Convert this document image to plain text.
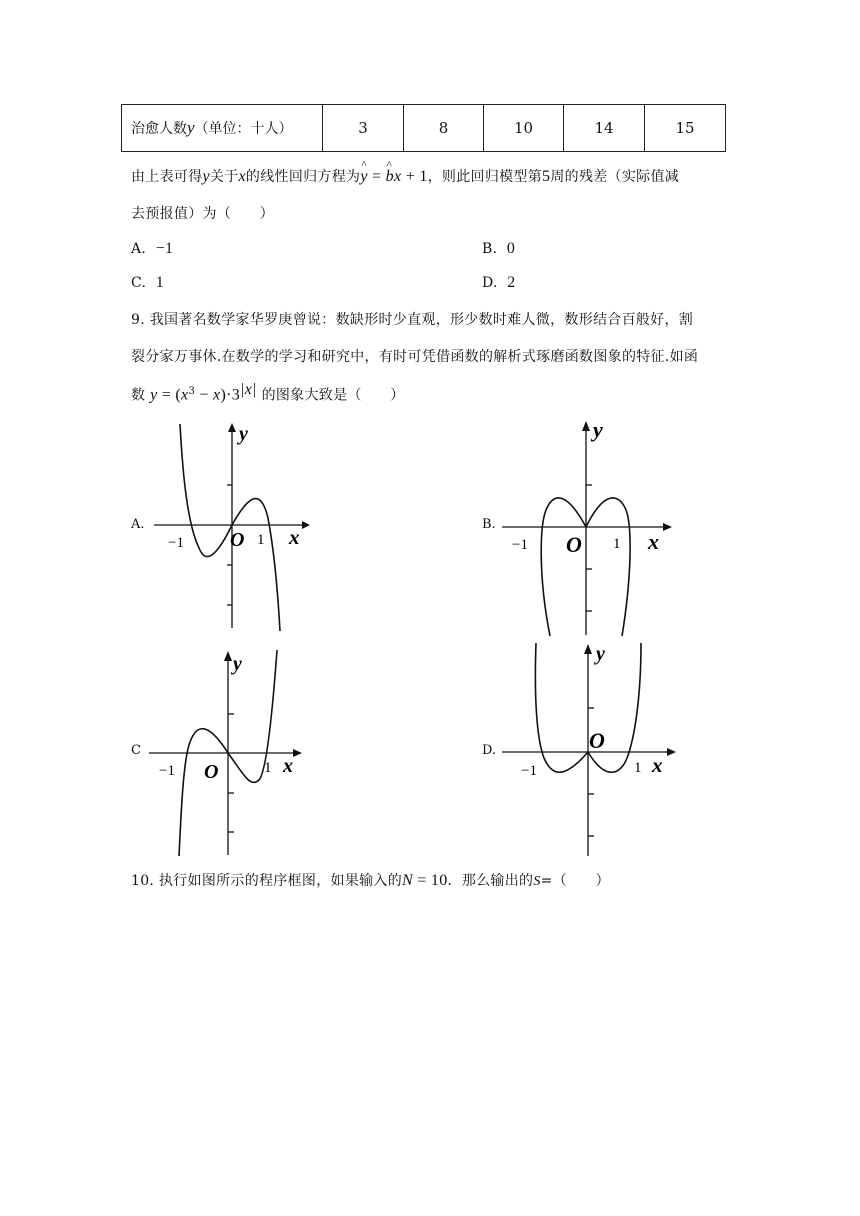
治愈人数y（单位：十人）	3	8	10	14	15
由上表可得y关于x的线性回归方程为^ y = ^ bx + 1，则此回归模型第5周的残差（实际值减
去预报值）为（　　）
A. −1	B. 0
C. 1	D. 2
9. 我国著名数学家华罗庚曾说：数缺形时少直观，形少数时难人微，数形结合百般好，割
裂分家万事休.在数学的学习和研究中，有时可凭借函数的解析式琢磨函数图象的特征.如函
数 $y = (x^3 - x)\cdot 3^{|x|}$ 的图象大致是（　　）
A.
−1 O 1 x
y
B.
−1 O 1 x
y
C
−1 O	1 x
y
D.
−1
O
1 x
y
10. 执行如图所示的程序框图，如果输入的N = 10．那么输出的S=（　　）
